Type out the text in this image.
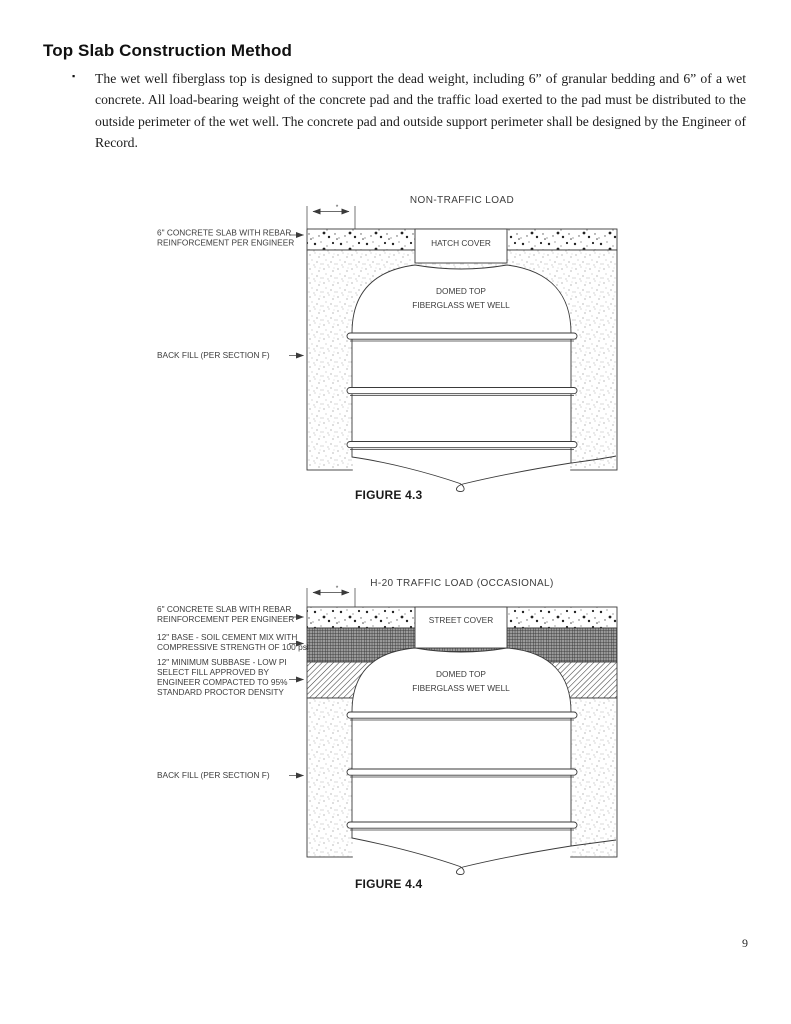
Top Slab Construction Method
▪ The wet well fiberglass top is designed to support the dead weight, including 6” of granular bedding and 6” of a wet concrete. All load-bearing weight of the concrete pad and the traffic load exerted to the pad must be distributed to the outside perimeter of the wet well. The concrete pad and outside support perimeter shall be designed by the Engineer of Record.

NON-TRAFFIC LOAD
*
HATCH COVER
DOMED TOP
FIBERGLASS WET WELL
6" CONCRETE SLAB WITH REBAR
REINFORCEMENT PER ENGINEER
BACK FILL (PER SECTION F)
FIGURE 4.3
H-20 TRAFFIC LOAD (OCCASIONAL)
*
STREET COVER
DOMED TOP
FIBERGLASS WET WELL
6" CONCRETE SLAB WITH REBAR
REINFORCEMENT PER ENGINEER
12" BASE - SOIL CEMENT MIX WITH
COMPRESSIVE STRENGTH OF 100 psi
12" MINIMUM SUBBASE - LOW PI
SELECT FILL APPROVED BY
ENGINEER COMPACTED TO 95%
STANDARD PROCTOR DENSITY
BACK FILL (PER SECTION F)
FIGURE 4.4
9
